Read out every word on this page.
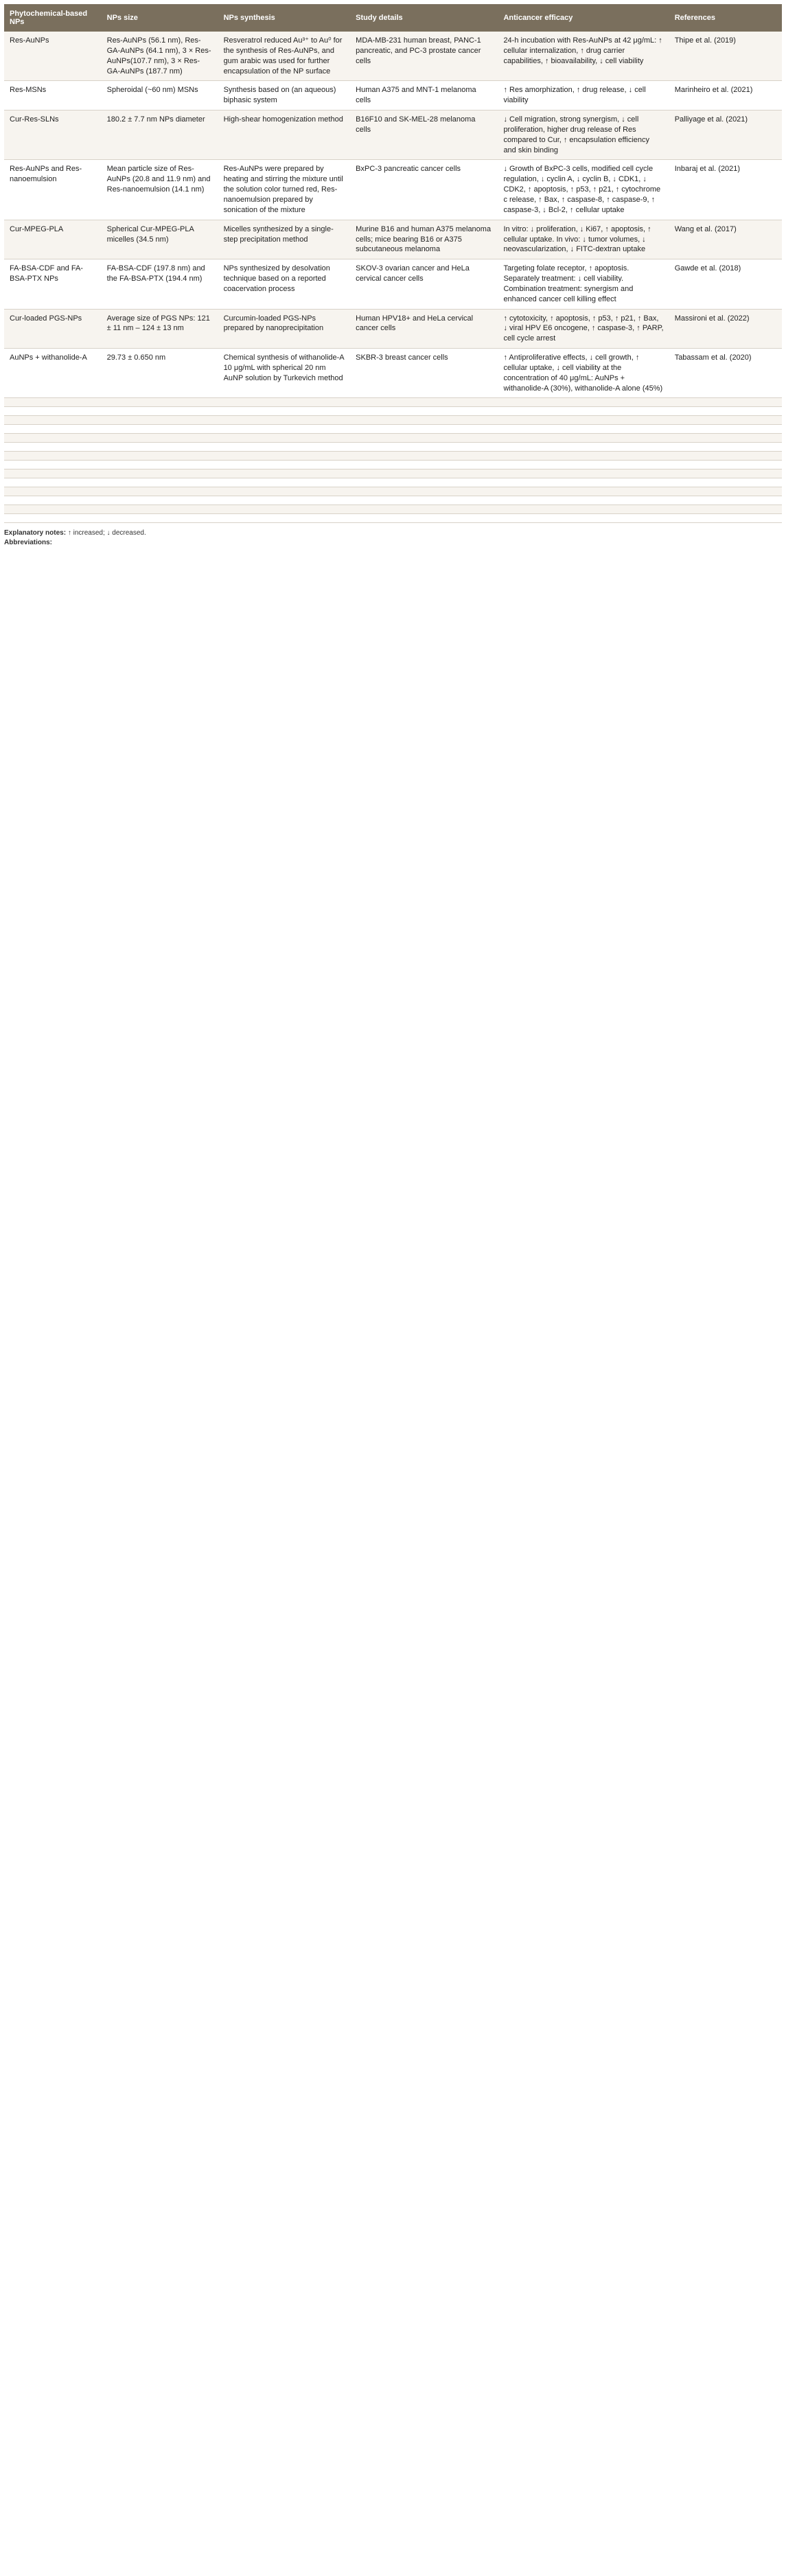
Phytochemical-based NPs	NPs size	NPs synthesis	Study details	Anticancer efficacy	References
Res-AuNPs	Res-AuNPs (56.1 nm), Res-GA-AuNPs (64.1 nm), 3 × Res-AuNPs(107.7 nm), 3 × Res-GA-AuNPs (187.7 nm)	Resveratrol reduced Au³⁺ to Au⁰ for the synthesis of Res-AuNPs, and gum arabic was used for further encapsulation of the NP surface	MDA-MB-231 human breast, PANC-1 pancreatic, and PC-3 prostate cancer cells	24-h incubation with Res-AuNPs at 42 μg/mL: ↑ cellular internalization, ↑ drug carrier capabilities, ↑ bioavailability, ↓ cell viability	Thipe et al. (2019)
Res-MSNs	Spheroidal (~60 nm) MSNs	Synthesis based on (an aqueous) biphasic system	Human A375 and MNT-1 melanoma cells	↑ Res amorphization, ↑ drug release, ↓ cell viability	Marinheiro et al. (2021)
Cur-Res-SLNs	180.2 ± 7.7 nm NPs diameter	High-shear homogenization method	B16F10 and SK-MEL-28 melanoma cells	↓ Cell migration, strong synergism, ↓ cell proliferation, higher drug release of Res compared to Cur, ↑ encapsulation efficiency and skin binding	Palliyage et al. (2021)
Res-AuNPs and Res-nanoemulsion	Mean particle size of Res-AuNPs (20.8 and 11.9 nm) and Res-nanoemulsion (14.1 nm)	Res-AuNPs were prepared by heating and stirring the mixture until the solution color turned red, Res-nanoemulsion prepared by sonication of the mixture	BxPC-3 pancreatic cancer cells	↓ Growth of BxPC-3 cells, modified cell cycle regulation, ↓ cyclin A, ↓ cyclin B, ↓ CDK1, ↓ CDK2, ↑ apoptosis, ↑ p53, ↑ p21, ↑ cytochrome c release, ↑ Bax, ↑ caspase-8, ↑ caspase-9, ↑ caspase-3, ↓ Bcl-2, ↑ cellular uptake	Inbaraj et al. (2021)
Cur-MPEG-PLA	Spherical Cur-MPEG-PLA micelles (34.5 nm)	Micelles synthesized by a single-step precipitation method	Murine B16 and human A375 melanoma cells; mice bearing B16 or A375 subcutaneous melanoma	In vitro: ↓ proliferation, ↓ Ki67, ↑ apoptosis, ↑ cellular uptake. In vivo: ↓ tumor volumes, ↓ neovascularization, ↓ FITC-dextran uptake	Wang et al. (2017)
FA-BSA-CDF and FA-BSA-PTX NPs	FA-BSA-CDF (197.8 nm) and the FA-BSA-PTX (194.4 nm)	NPs synthesized by desolvation technique based on a reported coacervation process	SKOV-3 ovarian cancer and HeLa cervical cancer cells	Targeting folate receptor, ↑ apoptosis. Separately treatment: ↓ cell viability. Combination treatment: synergism and enhanced cancer cell killing effect	Gawde et al. (2018)
Cur-loaded PGS-NPs	Average size of PGS NPs: 121 ± 11 nm – 124 ± 13 nm	Curcumin-loaded PGS-NPs prepared by nanoprecipitation	Human HPV18+ and HeLa cervical cancer cells	↑ cytotoxicity, ↑ apoptosis, ↑ p53, ↑ p21, ↑ Bax, ↓ viral HPV E6 oncogene, ↑ caspase-3, ↑ PARP, cell cycle arrest	Massironi et al. (2022)
AuNPs + withanolide-A	29.73 ± 0.650 nm	Chemical synthesis of withanolide-A 10 μg/mL with spherical 20 nm AuNP solution by Turkevich method	SKBR-3 breast cancer cells	↑ Antiproliferative effects, ↓ cell growth, ↑ cellular uptake, ↓ cell viability at the concentration of 40 μg/mL: AuNPs + withanolide-A (30%), withanolide-A alone (45%)	Tabassam et al. (2020)

Explanatory notes: ↑ increased; ↓ decreased.
Abbreviations:
